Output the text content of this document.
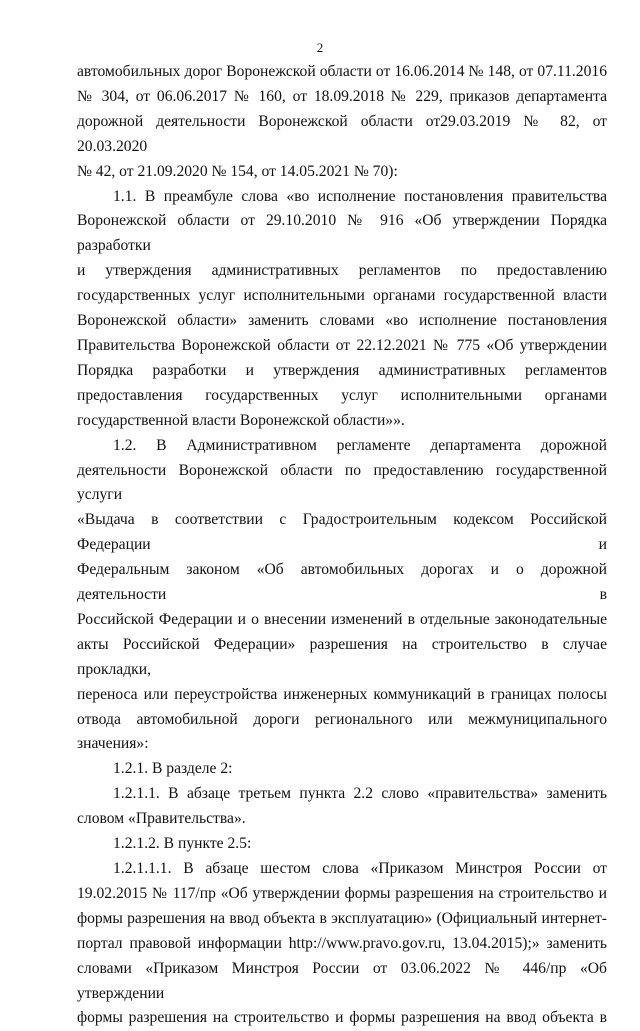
2
автомобильных дорог Воронежской области от 16.06.2014 № 148, от 07.11.2016
№ 304, от 06.06.2017 № 160, от 18.09.2018 № 229, приказов департамента
дорожной деятельности Воронежской области от29.03.2019 № 82, от 20.03.2020
№ 42, от 21.09.2020 № 154, от 14.05.2021 № 70):
1.1. В преамбуле слова «во исполнение постановления правительства
Воронежской области от 29.10.2010 № 916 «Об утверждении Порядка разработки
и утверждения административных регламентов по предоставлению
государственных услуг исполнительными органами государственной власти
Воронежской области» заменить словами «во исполнение постановления
Правительства Воронежской области от 22.12.2021 № 775 «Об утверждении
Порядка разработки и утверждения административных регламентов
предоставления государственных услуг исполнительными органами
государственной власти Воронежской области»».
1.2. В Административном регламенте департамента дорожной
деятельности Воронежской области по предоставлению государственной услуги
«Выдача в соответствии с Градостроительным кодексом Российской Федерации и
Федеральным законом «Об автомобильных дорогах и о дорожной деятельности в
Российской Федерации и о внесении изменений в отдельные законодательные
акты Российской Федерации» разрешения на строительство в случае прокладки,
переноса или переустройства инженерных коммуникаций в границах полосы
отвода автомобильной дороги регионального или межмуниципального значения»:
1.2.1. В разделе 2:
1.2.1.1. В абзаце третьем пункта 2.2 слово «правительства» заменить
словом «Правительства».
1.2.1.2. В пункте 2.5:
1.2.1.1.1. В абзаце шестом слова «Приказом Минстроя России от
19.02.2015 № 117/пр «Об утверждении формы разрешения на строительство и
формы разрешения на ввод объекта в эксплуатацию» (Официальный интернет-
портал правовой информации http://www.pravo.gov.ru, 13.04.2015);» заменить
словами «Приказом Минстроя России от 03.06.2022 № 446/пр «Об утверждении
формы разрешения на строительство и формы разрешения на ввод объекта в
